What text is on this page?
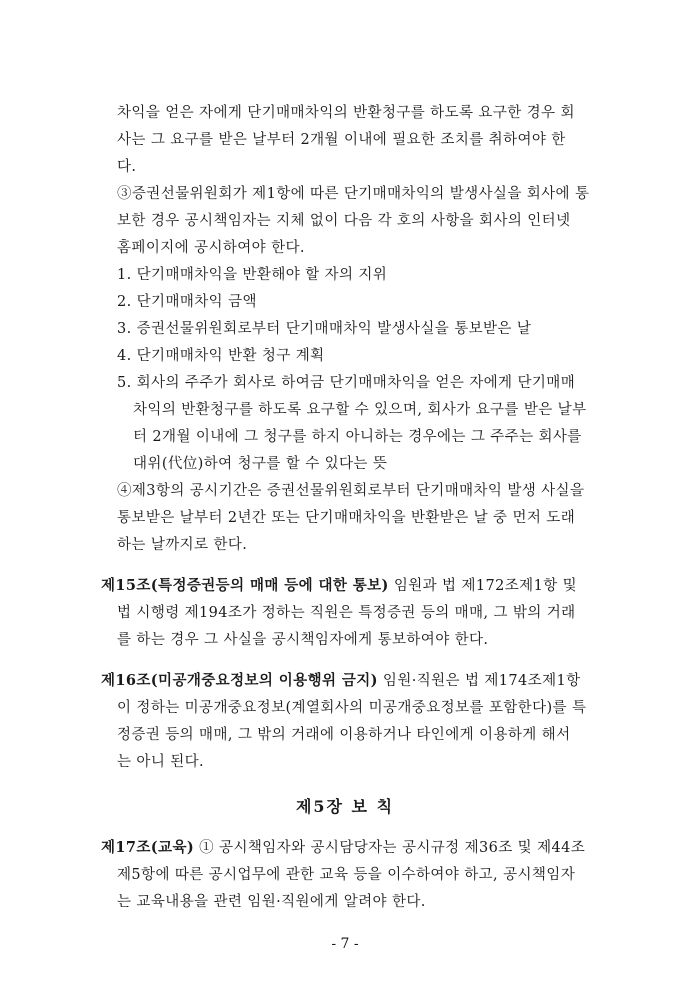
차익을 얻은 자에게 단기매매차익의 반환청구를 하도록 요구한 경우 회
사는 그 요구를 받은 날부터 2개월 이내에 필요한 조치를 취하여야 한
다.
③증권선물위원회가 제1항에 따른 단기매매차익의 발생사실을 회사에 통
보한 경우 공시책임자는 지체 없이 다음 각 호의 사항을 회사의 인터넷
홈페이지에 공시하여야 한다.
1. 단기매매차익을 반환해야 할 자의 지위
2. 단기매매차익 금액
3. 증권선물위원회로부터 단기매매차익 발생사실을 통보받은 날
4. 단기매매차익 반환 청구 계획
5. 회사의 주주가 회사로 하여금 단기매매차익을 얻은 자에게 단기매매
차익의 반환청구를 하도록 요구할 수 있으며, 회사가 요구를 받은 날부
터 2개월 이내에 그 청구를 하지 아니하는 경우에는 그 주주는 회사를
대위(代位)하여 청구를 할 수 있다는 뜻
④제3항의 공시기간은 증권선물위원회로부터 단기매매차익 발생 사실을
통보받은 날부터 2년간 또는 단기매매차익을 반환받은 날 중 먼저 도래
하는 날까지로 한다.
제15조(특정증권등의 매매 등에 대한 통보) 임원과 법 제172조제1항 및
법 시행령 제194조가 정하는 직원은 특정증권 등의 매매, 그 밖의 거래
를 하는 경우 그 사실을 공시책임자에게 통보하여야 한다.
제16조(미공개중요정보의 이용행위 금지) 임원·직원은 법 제174조제1항
이 정하는 미공개중요정보(계열회사의 미공개중요정보를 포함한다)를 특
정증권 등의 매매, 그 밖의 거래에 이용하거나 타인에게 이용하게 해서
는 아니 된다.
제5장 보 칙
제17조(교육) ① 공시책임자와 공시담당자는 공시규정 제36조 및 제44조
제5항에 따른 공시업무에 관한 교육 등을 이수하여야 하고, 공시책임자
는 교육내용을 관련 임원·직원에게 알려야 한다.
- 7 -
